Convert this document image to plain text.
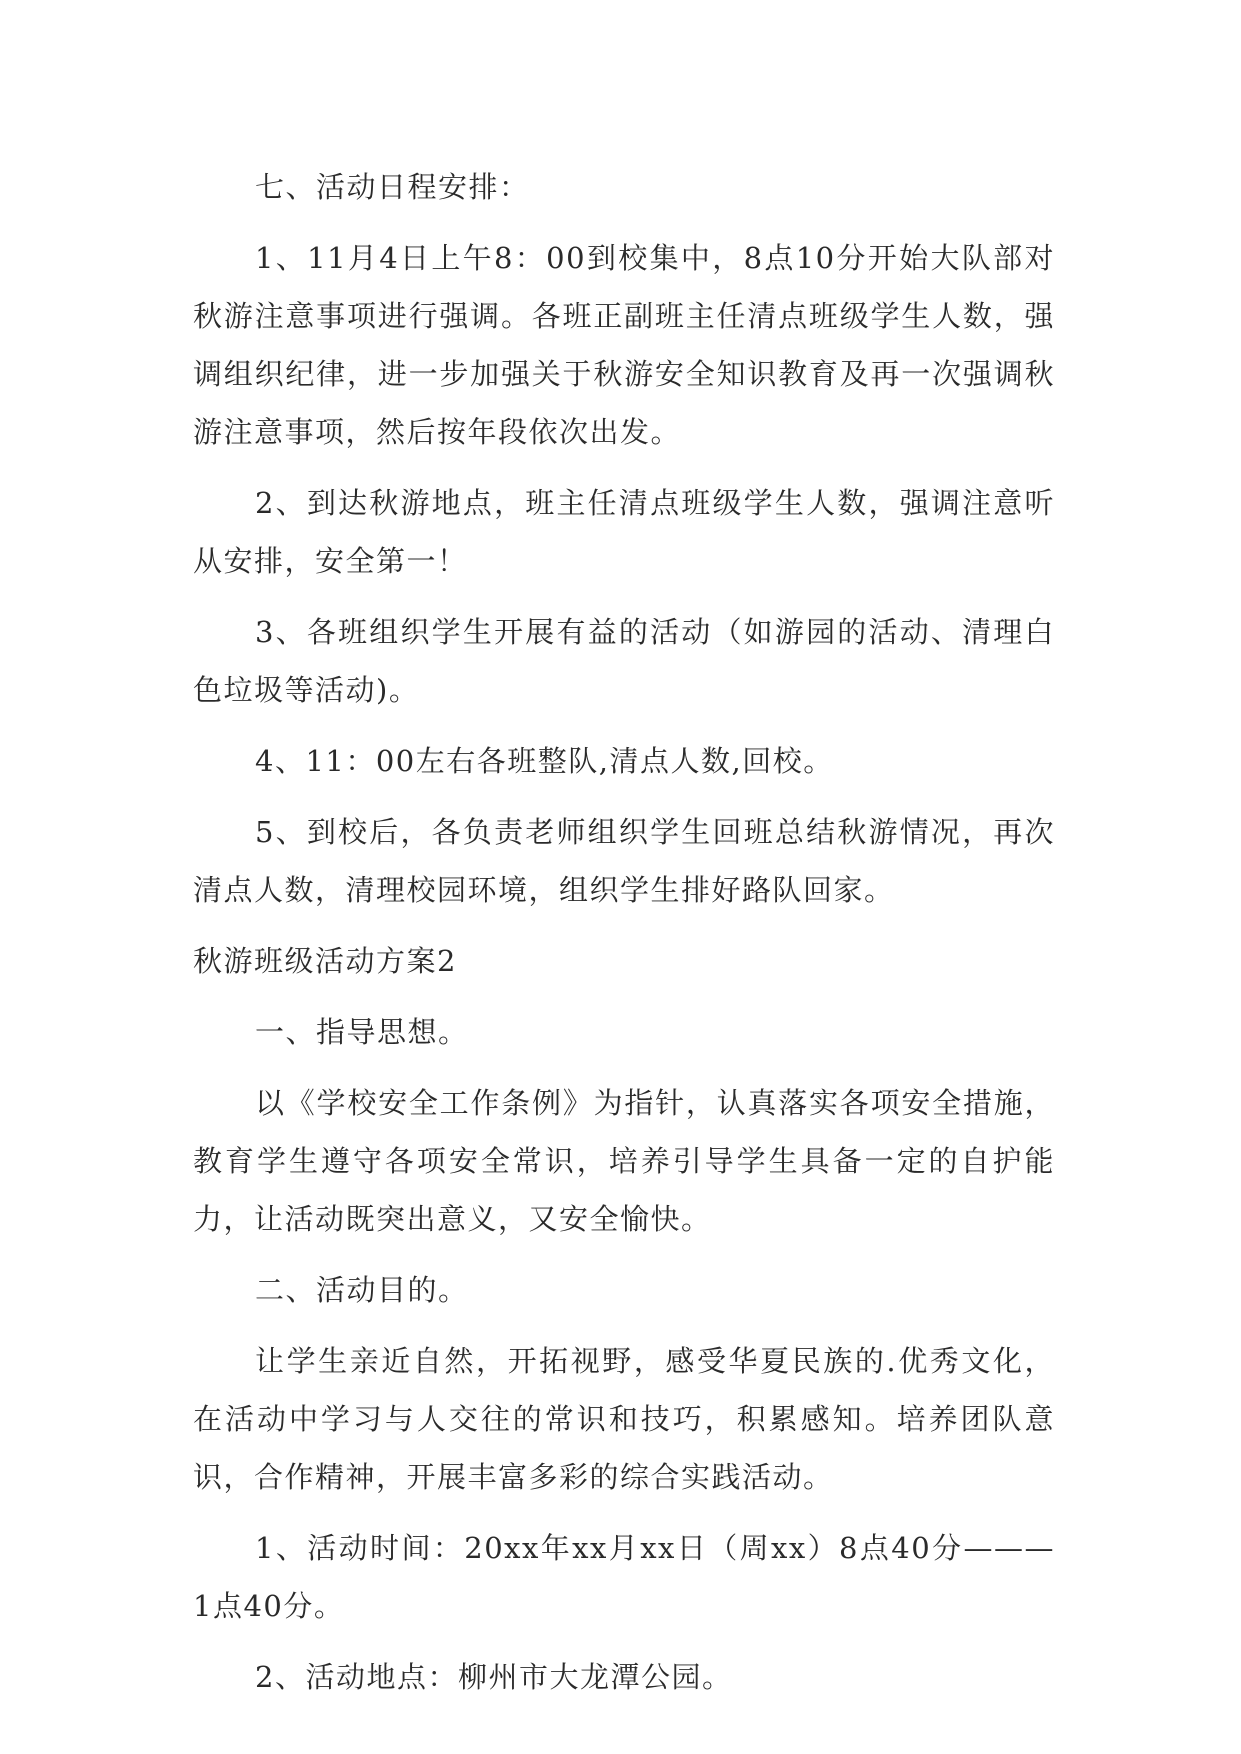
七、活动日程安排：

1、11月4日上午8：00到校集中，8点10分开始大队部对秋游注意事项进行强调。各班正副班主任清点班级学生人数，强调组织纪律，进一步加强关于秋游安全知识教育及再一次强调秋游注意事项，然后按年段依次出发。

2、到达秋游地点，班主任清点班级学生人数，强调注意听从安排，安全第一！

3、各班组织学生开展有益的活动（如游园的活动、清理白色垃圾等活动)。

4、11：00左右各班整队,清点人数,回校。

5、到校后，各负责老师组织学生回班总结秋游情况，再次清点人数，清理校园环境，组织学生排好路队回家。

秋游班级活动方案2

一、指导思想。

以《学校安全工作条例》为指针，认真落实各项安全措施，教育学生遵守各项安全常识，培养引导学生具备一定的自护能力，让活动既突出意义，又安全愉快。

二、活动目的。

让学生亲近自然，开拓视野，感受华夏民族的.优秀文化，在活动中学习与人交往的常识和技巧，积累感知。培养团队意识，合作精神，开展丰富多彩的综合实践活动。

1、活动时间：20xx年xx月xx日（周xx）8点40分———1点40分。

2、活动地点：柳州市大龙潭公园。
